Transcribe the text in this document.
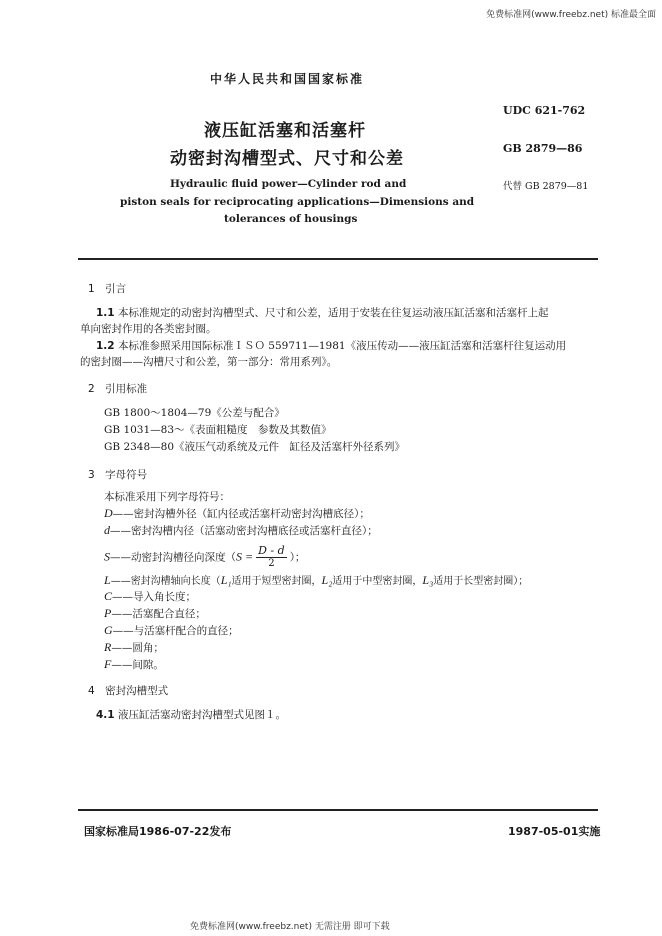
免费标准网(www.freebz.net) 标准最全面
免费标准网(www.freebz.net) 无需注册 即可下载
中华人民共和国国家标准
液压缸活塞和活塞杆
动密封沟槽型式、尺寸和公差
Hydraulic fluid power—Cylinder rod and
piston seals for reciprocating applications—Dimensions and
tolerances of housings
UDC 621-762
GB 2879—86
代替 GB 2879—81
1　引言
1.1 本标准规定的动密封沟槽型式、尺寸和公差，适用于安装在往复运动液压缸活塞和活塞杆上起
单向密封作用的各类密封圈。
1.2 本标准参照采用国际标准ＩＳＯ 559711—1981《液压传动——液压缸活塞和活塞杆往复运动用
的密封圈——沟槽尺寸和公差，第一部分：常用系列》。
2　引用标准
GB 1800～1804—79《公差与配合》
GB 1031—83～《表面粗糙度　参数及其数值》
GB 2348—80《液压气动系统及元件　缸径及活塞杆外径系列》
3　字母符号
本标准采用下列字母符号：
D——密封沟槽外径（缸内径或活塞杆动密封沟槽底径）；
d——密封沟槽内径（活塞动密封沟槽底径或活塞杆直径）；
S——动密封沟槽径向深度（$S = \frac{D - d}{2}$ ）；
L——密封沟槽轴向长度（L₁适用于短型密封圈，L₂适用于中型密封圈，L₃适用于长型密封圈）；
C——导入角长度；
P——活塞配合直径；
G——与活塞杆配合的直径；
R——圆角；
F——间隙。
4　密封沟槽型式
4.1 液压缸活塞动密封沟槽型式见图１。
国家标准局1986-07-22发布	1987-05-01实施
